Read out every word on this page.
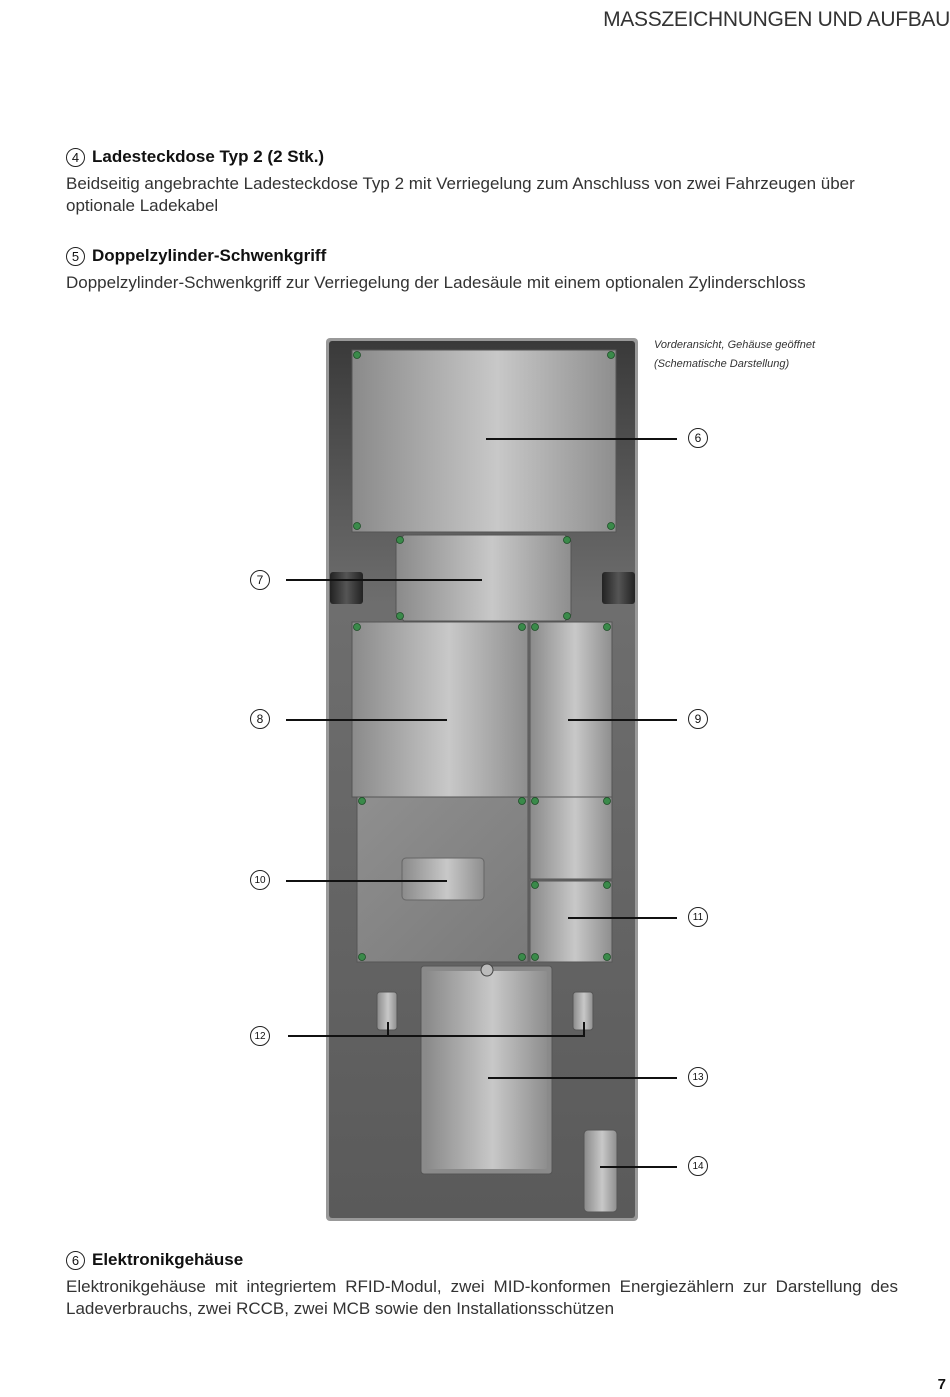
MASSZEICHNUNGEN UND AUFBAU
4 Ladesteckdose Typ 2 (2 Stk.)
Beidseitig angebrachte Ladesteckdose Typ 2 mit Verriegelung zum Anschluss von zwei Fahrzeugen über optionale Ladekabel
5 Doppelzylinder-Schwenkgriff
Doppelzylinder-Schwenkgriff zur Verriegelung der Ladesäule mit einem optionalen Zylinderschloss
Vorderansicht, Gehäuse geöffnet
(Schematische Darstellung)
6
7
8	9
10
11
12
13
14
6 Elektronikgehäuse
Elektronikgehäuse mit integriertem RFID-Modul, zwei MID-konformen Energiezählern zur Darstellung des Ladeverbrauchs, zwei RCCB, zwei MCB sowie den Installationsschützen
7
